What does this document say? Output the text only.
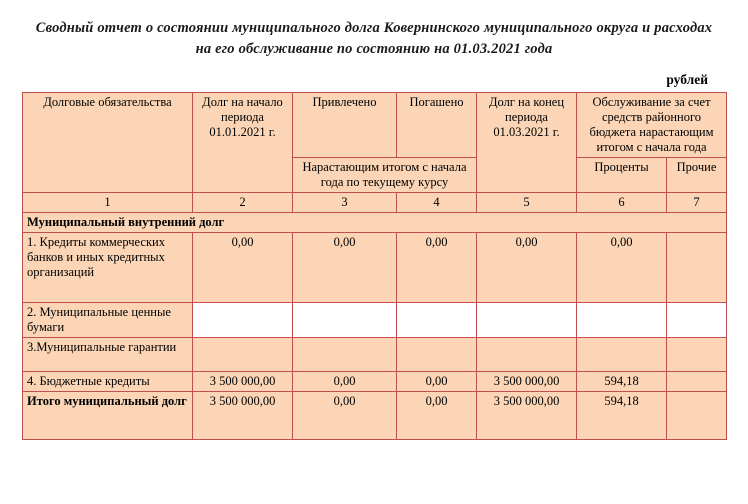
Сводный отчет о состоянии муниципального долга Ковернинского муниципального округа и расходах на его обслуживание по состоянию на 01.03.2021 года
рублей
Долговые обязательства	Долг на начало периода 01.01.2021 г.	Привлечено	Погашено	Долг на конец периода 01.03.2021 г.	Обслуживание за счет средств районного бюджета нарастающим итогом с начала года	
		Нарастающим итогом с начала года по текущему курсу			Проценты	Прочие
1	2	3	4	5	6	7
Муниципальный внутренний долг						
1. Кредиты коммерческих банков и иных кредитных организаций	0,00	0,00	0,00	0,00	0,00	
2. Муниципальные ценные бумаги						
3.Муниципальные гарантии						
4. Бюджетные кредиты	3 500 000,00	0,00	0,00	3 500 000,00	594,18	
Итого муниципальный долг	3 500 000,00	0,00	0,00	3 500 000,00	594,18	
